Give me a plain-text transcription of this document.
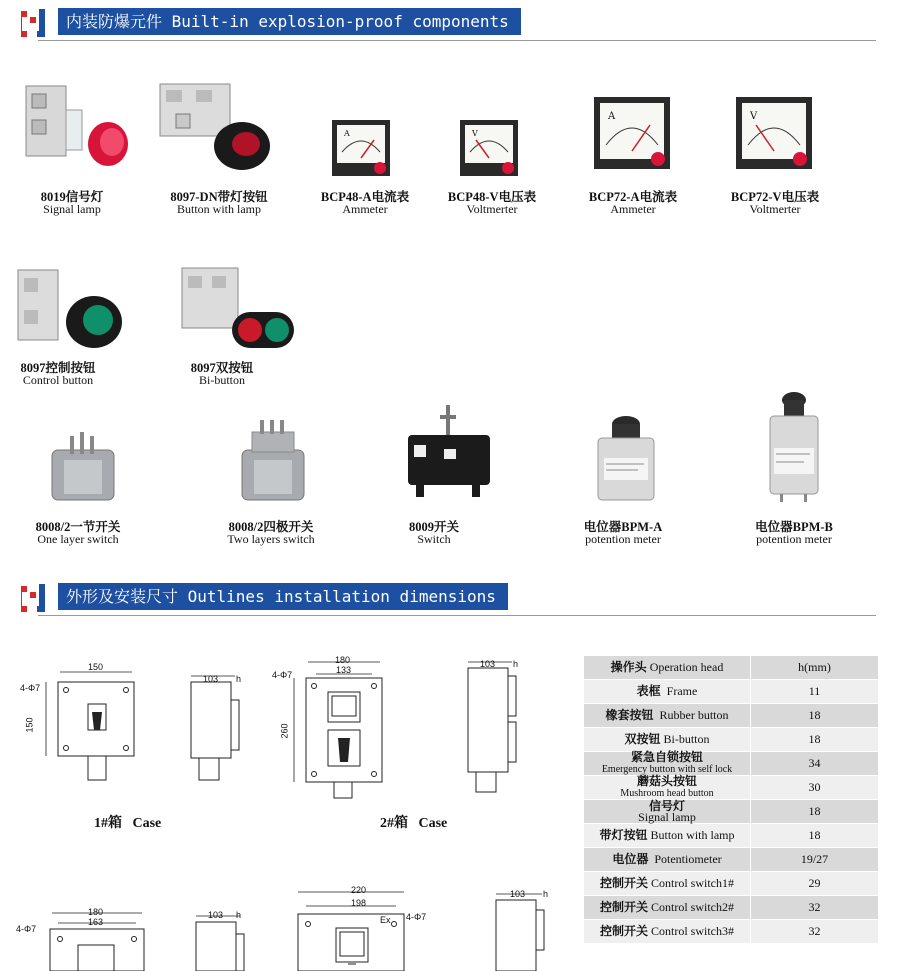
内装防爆元件 Built-in explosion-proof components
A	V
A	V
8019信号灯
Signal lamp
8097-DN带灯按钮
Button with lamp
BCP48-A电流表
Ammeter
BCP48-V电压表
Voltmerter
BCP72-A电流表
Ammeter
BCP72-V电压表
Voltmerter
8097控制按钮
Control button
8097双按钮
Bi-button
8008/2一节开关
One layer switch
8008/2四极开关
Two layers switch
8009开关
Switch
电位器BPM-A
potention meter
电位器BPM-B
potention meter
外形及安装尺寸 Outlines installation dimensions
150
4-Φ7
150
103 h
180
133
4-Φ7
260
103 h
1#箱   Case	2#箱   Case
180
163
4-Φ7
103 h
220
198
Ex 4-Φ7
103 h
操作头 Operation head	h(mm)
表框 Frame	11
橡套按钮 Rubber button	18
双按钮 Bi-button	18

紧急自锁按钮
Emergency button with self lock	34

蘑菇头按钮
Mushroom head button	30

信号灯
Signal lamp	18
带灯按钮 Button with lamp	18
电位器 Potentiometer	19/27
控制开关 Control switch1#	29
控制开关 Control switch2#	32
控制开关 Control switch3#	32
